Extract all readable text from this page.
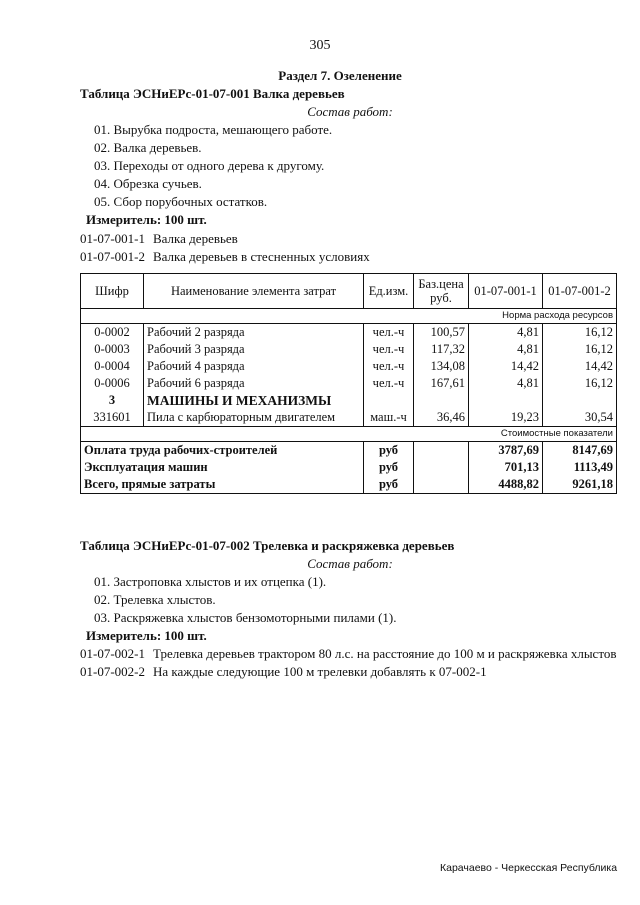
305
Раздел 7. Озеленение
Таблица ЭСНиЕРс-01-07-001 Валка деревьев
Состав работ:
01. Вырубка подроста, мешающего работе.
02. Валка деревьев.
03. Переходы от одного дерева к другому.
04. Обрезка сучьев.
05. Сбор порубочных остатков.
Измеритель: 100 шт.
01-07-001-1 Валка деревьев
01-07-001-2 Валка деревьев в стесненных условиях
Шифр	Наименование элемента затрат	Ед.изм.	Баз.цена руб.	01-07-001-1	01-07-001-2
Норма расхода ресурсов					
0-0002	Рабочий 2 разряда	чел.-ч	100,57	4,81	16,12
0-0003	Рабочий 3 разряда	чел.-ч	117,32	4,81	16,12
0-0004	Рабочий 4 разряда	чел.-ч	134,08	14,42	14,42
0-0006	Рабочий 6 разряда	чел.-ч	167,61	4,81	16,12
3	МАШИНЫ И МЕХАНИЗМЫ				
331601	Пила с карбюраторным двигателем	маш.-ч	36,46	19,23	30,54
Стоимостные показатели					
Оплата труда рабочих-строителей		руб		3787,69	8147,69
Эксплуатация машин		руб		701,13	1113,49
Всего, прямые затраты		руб		4488,82	9261,18
Таблица ЭСНиЕРс-01-07-002 Трелевка и раскряжевка деревьев
Состав работ:
01. Застроповка хлыстов и их отцепка (1).
02. Трелевка хлыстов.
03. Раскряжевка хлыстов бензомоторными пилами (1).
Измеритель: 100 шт.
01-07-002-1 Трелевка деревьев трактором 80 л.с. на расстояние до 100 м и раскряжевка хлыстов
01-07-002-2 На каждые следующие 100 м трелевки добавлять к 07-002-1
Карачаево - Черкесская Республика
